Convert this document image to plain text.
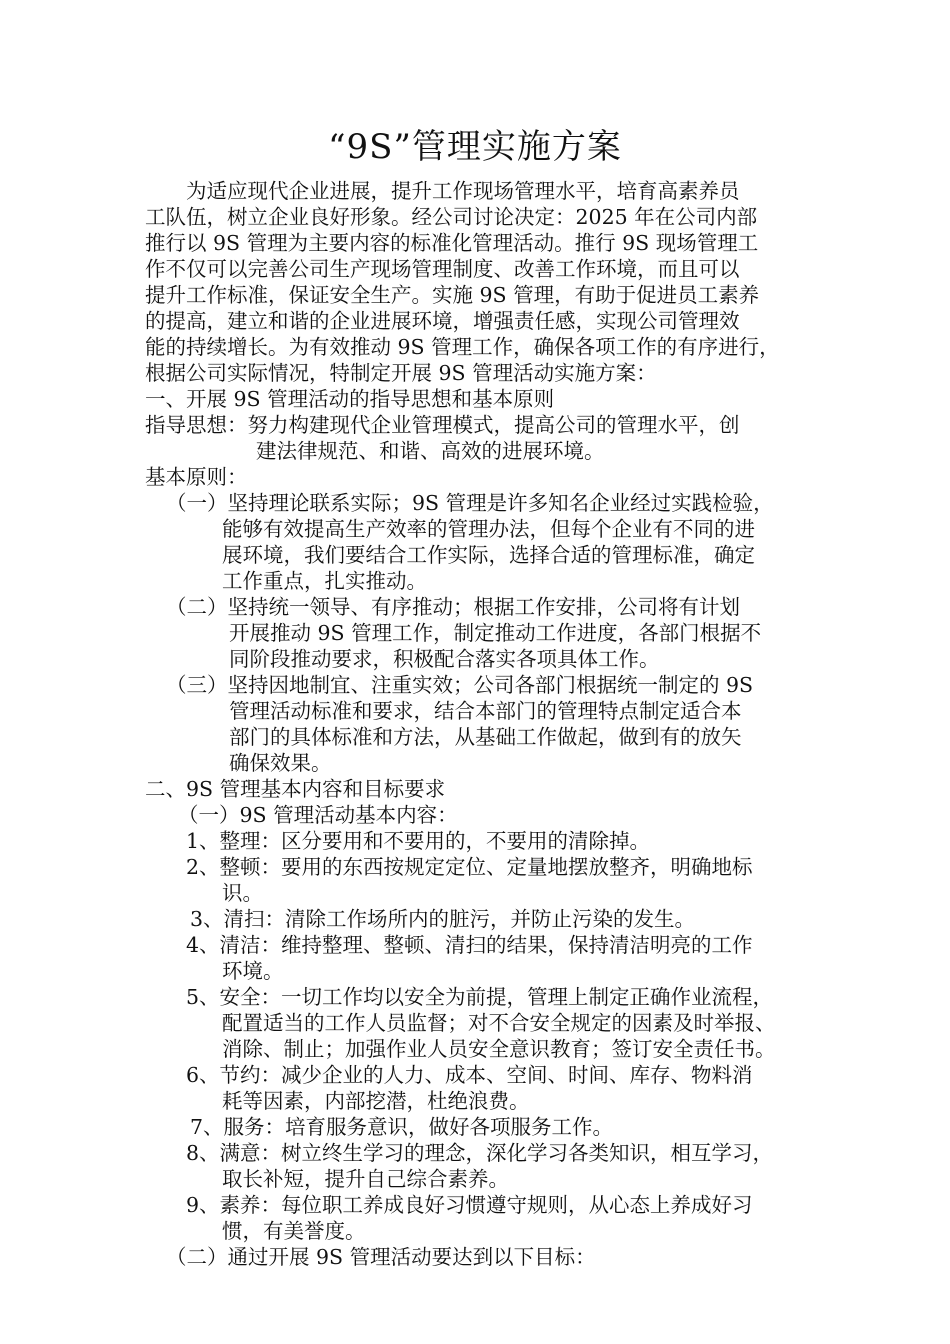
“9S”管理实施方案
为适应现代企业进展，提升工作现场管理水平，培育高素养员
工队伍，树立企业良好形象。经公司讨论决定：2025 年在公司内部
推行以 9S 管理为主要内容的标准化管理活动。推行 9S 现场管理工
作不仅可以完善公司生产现场管理制度、改善工作环境，而且可以
提升工作标准，保证安全生产。实施 9S 管理，有助于促进员工素养
的提高，建立和谐的企业进展环境，增强责任感，实现公司管理效
能的持续增长。为有效推动 9S 管理工作，确保各项工作的有序进行，
根据公司实际情况，特制定开展 9S 管理活动实施方案：
一、开展 9S 管理活动的指导思想和基本原则
指导思想：努力构建现代企业管理模式，提高公司的管理水平，创
建法律规范、和谐、高效的进展环境。
基本原则：
（一）坚持理论联系实际；9S 管理是许多知名企业经过实践检验，
能够有效提高生产效率的管理办法，但每个企业有不同的进
展环境，我们要结合工作实际，选择合适的管理标准，确定
工作重点，扎实推动。
（二）坚持统一领导、有序推动；根据工作安排，公司将有计划
开展推动 9S 管理工作，制定推动工作进度，各部门根据不
同阶段推动要求，积极配合落实各项具体工作。
（三）坚持因地制宜、注重实效；公司各部门根据统一制定的 9S
管理活动标准和要求，结合本部门的管理特点制定适合本
部门的具体标准和方法，从基础工作做起，做到有的放矢
确保效果。
二、9S 管理基本内容和目标要求
（一）9S 管理活动基本内容：
1、整理：区分要用和不要用的，不要用的清除掉。
2、整顿：要用的东西按规定定位、定量地摆放整齐，明确地标
识。
3、清扫：清除工作场所内的脏污，并防止污染的发生。
4、清洁：维持整理、整顿、清扫的结果，保持清洁明亮的工作
环境。
5、安全：一切工作均以安全为前提，管理上制定正确作业流程，
配置适当的工作人员监督；对不合安全规定的因素及时举报、
消除、制止；加强作业人员安全意识教育；签订安全责任书。
6、节约：减少企业的人力、成本、空间、时间、库存、物料消
耗等因素，内部挖潜，杜绝浪费。
7、服务：培育服务意识，做好各项服务工作。
8、满意：树立终生学习的理念，深化学习各类知识，相互学习，
取长补短，提升自己综合素养。
9、素养：每位职工养成良好习惯遵守规则，从心态上养成好习
惯，有美誉度。
（二）通过开展 9S 管理活动要达到以下目标：
